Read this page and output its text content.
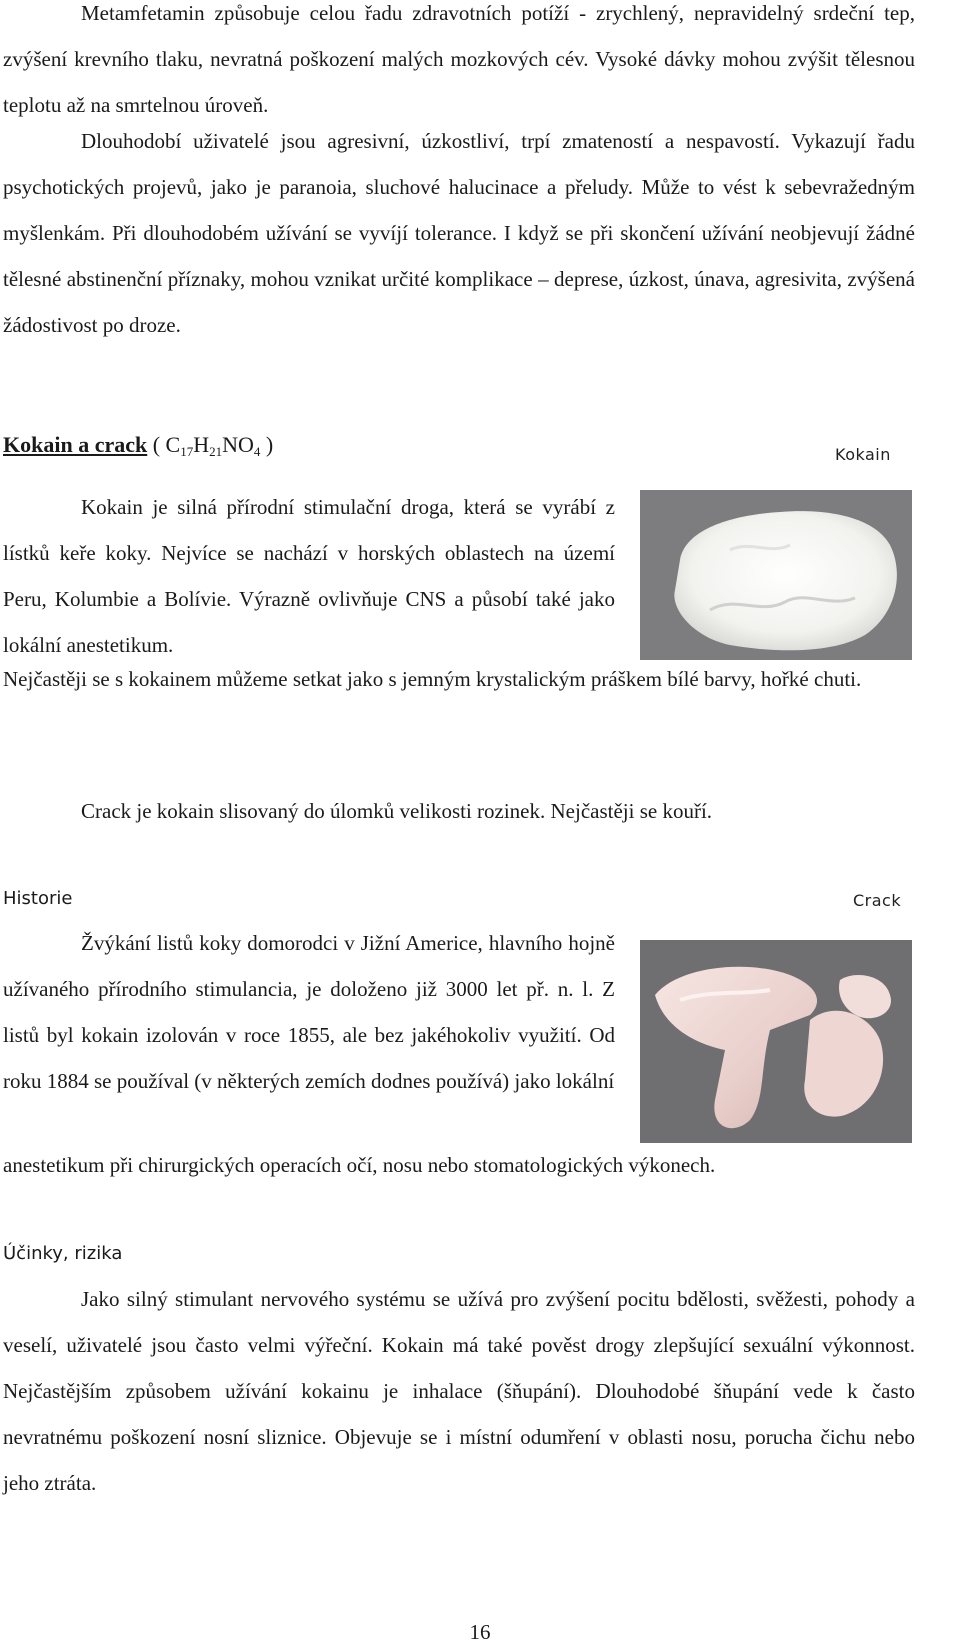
Metamfetamin způsobuje celou řadu zdravotních potíží - zrychlený, nepravidelný srdeční tep, zvýšení krevního tlaku, nevratná poškození malých mozkových cév. Vysoké dávky mohou zvýšit tělesnou teplotu až na smrtelnou úroveň.

Dlouhodobí uživatelé jsou agresivní, úzkostliví, trpí zmateností a nespavostí. Vykazují řadu psychotických projevů, jako je paranoia, sluchové halucinace a přeludy. Může to vést k sebevražedným myšlenkám. Při dlouhodobém užívání se vyvíjí tolerance. I když se při skončení užívání neobjevují žádné tělesné abstinenční příznaky, mohou vznikat určité komplikace – deprese, úzkost, únava, agresivita, zvýšená žádostivost po droze.

Kokain a crack ( $C_{17}H_{21}NO_4$ )	Kokain

Kokain je silná přírodní stimulační droga, která se vyrábí z lístků keře koky. Nejvíce se nachází v horských oblastech na území Peru, Kolumbie a Bolívie. Výrazně ovlivňuje CNS a působí také jako lokální anestetikum.

Nejčastěji se s kokainem můžeme setkat jako s jemným krystalickým práškem bílé barvy, hořké chuti.

Crack je kokain slisovaný do úlomků velikosti rozinek. Nejčastěji se kouří.

Historie	Crack

Žvýkání listů koky domorodci v Jižní Americe, hlavního hojně užívaného přírodního stimulancia, je doloženo již 3000 let př. n. l. Z listů byl kokain izolován v roce 1855, ale bez jakéhokoliv využití. Od roku 1884 se používal (v některých zemích dodnes používá) jako lokální

anestetikum při chirurgických operacích očí, nosu nebo stomatologických výkonech.

Účinky, rizika

Jako silný stimulant nervového systému se užívá pro zvýšení pocitu bdělosti, svěžesti, pohody a veselí, uživatelé jsou často velmi výřeční. Kokain má také pověst drogy zlepšující sexuální výkonnost. Nejčastějším způsobem užívání kokainu je inhalace (šňupání). Dlouhodobé šňupání vede k často nevratnému poškození nosní sliznice. Objevuje se i místní odumření v oblasti nosu, porucha čichu nebo jeho ztráta.

16
